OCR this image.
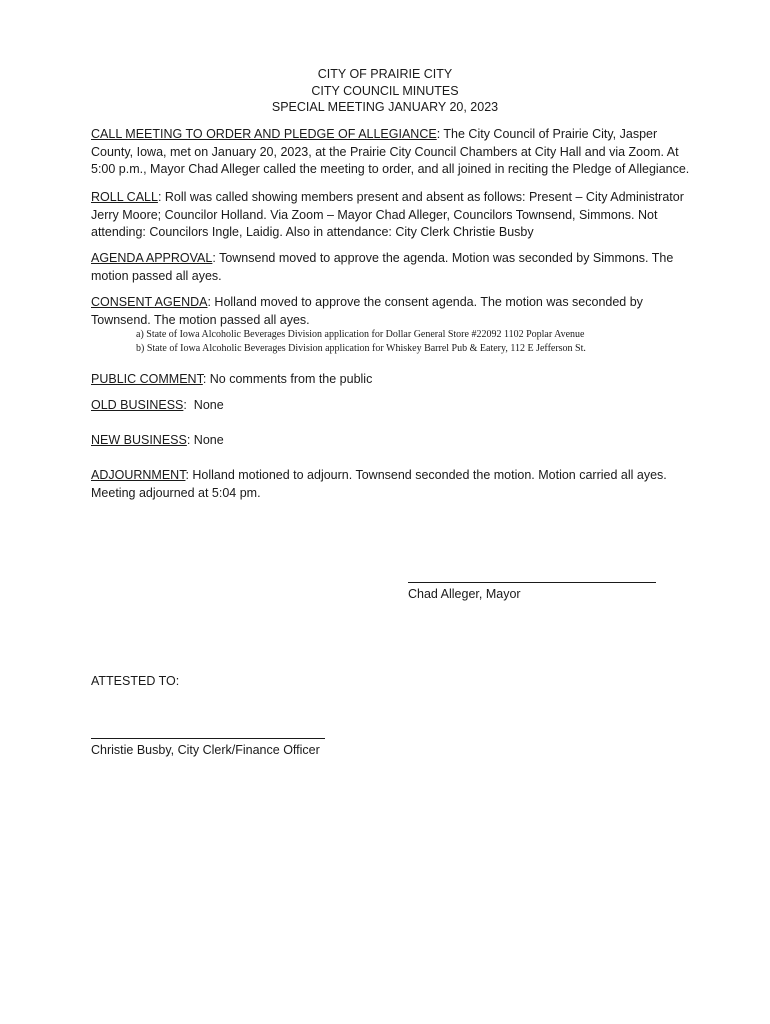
CITY OF PRAIRIE CITY
CITY COUNCIL MINUTES
SPECIAL MEETING JANUARY 20, 2023
CALL MEETING TO ORDER AND PLEDGE OF ALLEGIANCE: The City Council of Prairie City, Jasper County, Iowa, met on January 20, 2023, at the Prairie City Council Chambers at City Hall and via Zoom. At 5:00 p.m., Mayor Chad Alleger called the meeting to order, and all joined in reciting the Pledge of Allegiance.
ROLL CALL: Roll was called showing members present and absent as follows: Present – City Administrator Jerry Moore; Councilor Holland. Via Zoom – Mayor Chad Alleger, Councilors Townsend, Simmons. Not attending: Councilors Ingle, Laidig. Also in attendance: City Clerk Christie Busby
AGENDA APPROVAL: Townsend moved to approve the agenda. Motion was seconded by Simmons. The motion passed all ayes.
CONSENT AGENDA: Holland moved to approve the consent agenda. The motion was seconded by Townsend. The motion passed all ayes.
a) State of Iowa Alcoholic Beverages Division application for Dollar General Store #22092 1102 Poplar Avenue
b) State of Iowa Alcoholic Beverages Division application for Whiskey Barrel Pub & Eatery, 112 E Jefferson St.
PUBLIC COMMENT: No comments from the public
OLD BUSINESS:  None
NEW BUSINESS: None
ADJOURNMENT: Holland motioned to adjourn. Townsend seconded the motion. Motion carried all ayes. Meeting adjourned at 5:04 pm.
Chad Alleger, Mayor
ATTESTED TO:
Christie Busby, City Clerk/Finance Officer
